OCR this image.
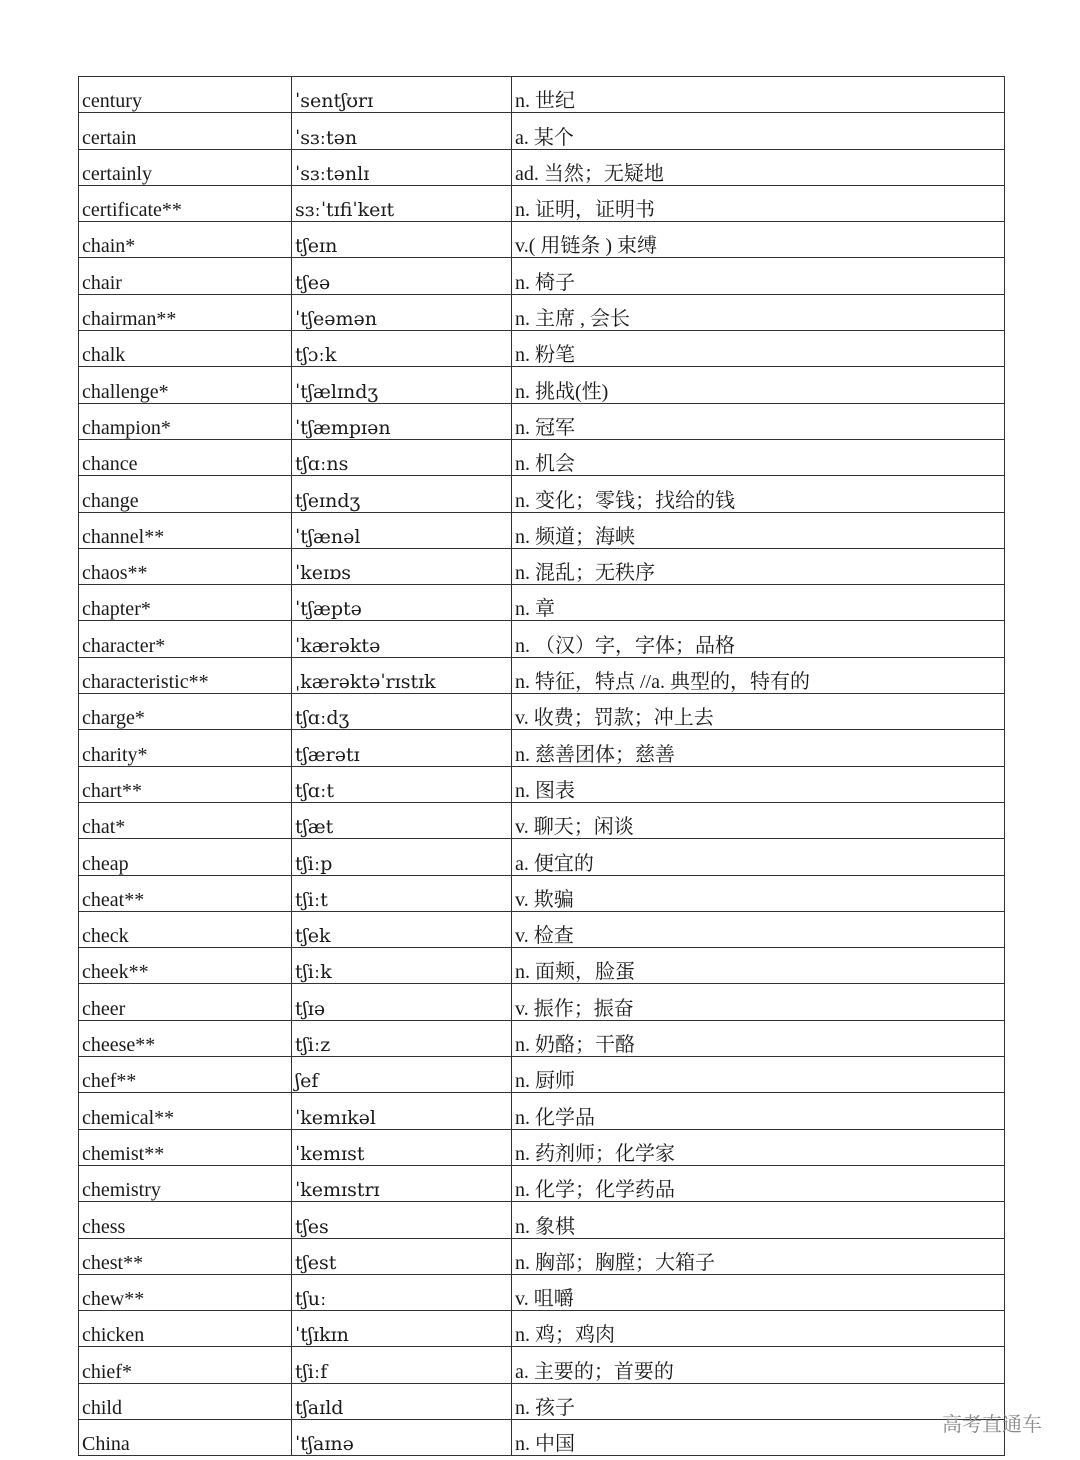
century	ˈsentʃʊrɪ	n. 世纪
certain	ˈsɜːtən	a. 某个
certainly	ˈsɜːtənlɪ	ad. 当然；无疑地
certificate**	sɜːˈtɪfiˈkeɪt	n. 证明，证明书
chain*	tʃeɪn	v.( 用链条 ) 束缚
chair	tʃeə	n. 椅子
chairman**	ˈtʃeəmən	n. 主席 , 会长
chalk	tʃɔːk	n. 粉笔
challenge*	ˈtʃælɪndʒ	n. 挑战(性)
champion*	ˈtʃæmpɪən	n. 冠军
chance	tʃɑːns	n. 机会
change	tʃeɪndʒ	n. 变化；零钱；找给的钱
channel**	ˈtʃænəl	n. 频道；海峡
chaos**	ˈkeɪɒs	n. 混乱；无秩序
chapter*	ˈtʃæptə	n. 章
character*	ˈkærəktə	n. （汉）字，字体；品格
characteristic**	ˌkærəktəˈrɪstɪk	n. 特征，特点 //a. 典型的，特有的
charge*	tʃɑːdʒ	v. 收费；罚款；冲上去
charity*	tʃærətɪ	n. 慈善团体；慈善
chart**	tʃɑːt	n. 图表
chat*	tʃæt	v. 聊天；闲谈
cheap	tʃiːp	a. 便宜的
cheat**	tʃiːt	v. 欺骗
check	tʃek	v. 检查
cheek**	tʃiːk	n. 面颊，脸蛋
cheer	tʃɪə	v. 振作；振奋
cheese**	tʃiːz	n. 奶酪；干酪
chef**	ʃef	n. 厨师
chemical**	ˈkemɪkəl	n. 化学品
chemist**	ˈkemɪst	n. 药剂师；化学家
chemistry	ˈkemɪstrɪ	n. 化学；化学药品
chess	tʃes	n. 象棋
chest**	tʃest	n. 胸部；胸膛；大箱子
chew**	tʃuː	v. 咀嚼
chicken	ˈtʃɪkɪn	n. 鸡；鸡肉
chief*	tʃiːf	a. 主要的；首要的
child	tʃaɪld	n. 孩子
China	ˈtʃaɪnə	n. 中国
高考直通车
